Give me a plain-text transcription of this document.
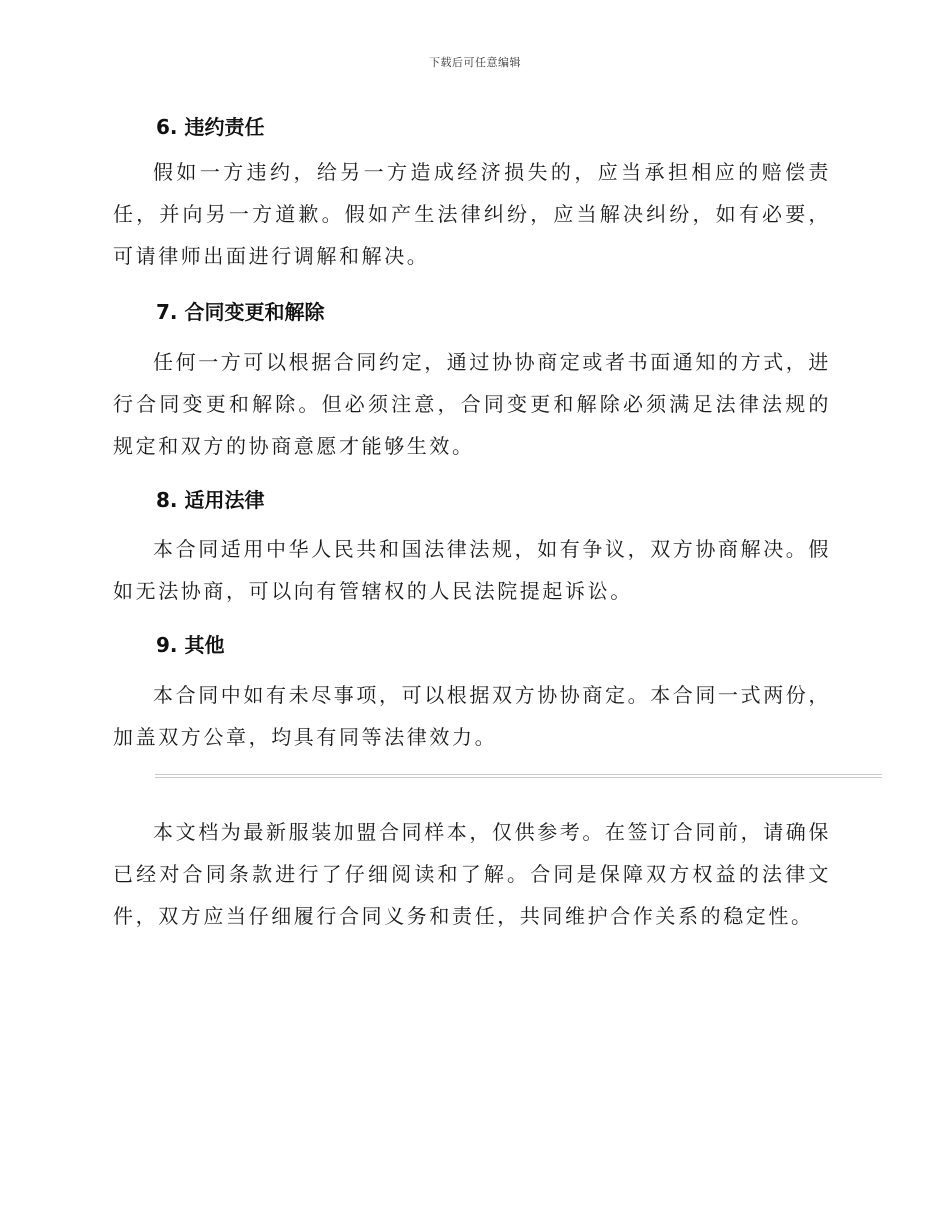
下载后可任意编辑
6. 违约责任

假如一方违约，给另一方造成经济损失的，应当承担相应的赔偿责任，并向另一方道歉。假如产生法律纠纷，应当解决纠纷，如有必要，可请律师出面进行调解和解决。

7. 合同变更和解除

任何一方可以根据合同约定，通过协协商定或者书面通知的方式，进行合同变更和解除。但必须注意，合同变更和解除必须满足法律法规的规定和双方的协商意愿才能够生效。

8. 适用法律

本合同适用中华人民共和国法律法规，如有争议，双方协商解决。假如无法协商，可以向有管辖权的人民法院提起诉讼。

9. 其他

本合同中如有未尽事项，可以根据双方协协商定。本合同一式两份，加盖双方公章，均具有同等法律效力。

本文档为最新服装加盟合同样本，仅供参考。在签订合同前，请确保已经对合同条款进行了仔细阅读和了解。合同是保障双方权益的法律文件，双方应当仔细履行合同义务和责任，共同维护合作关系的稳定性。
